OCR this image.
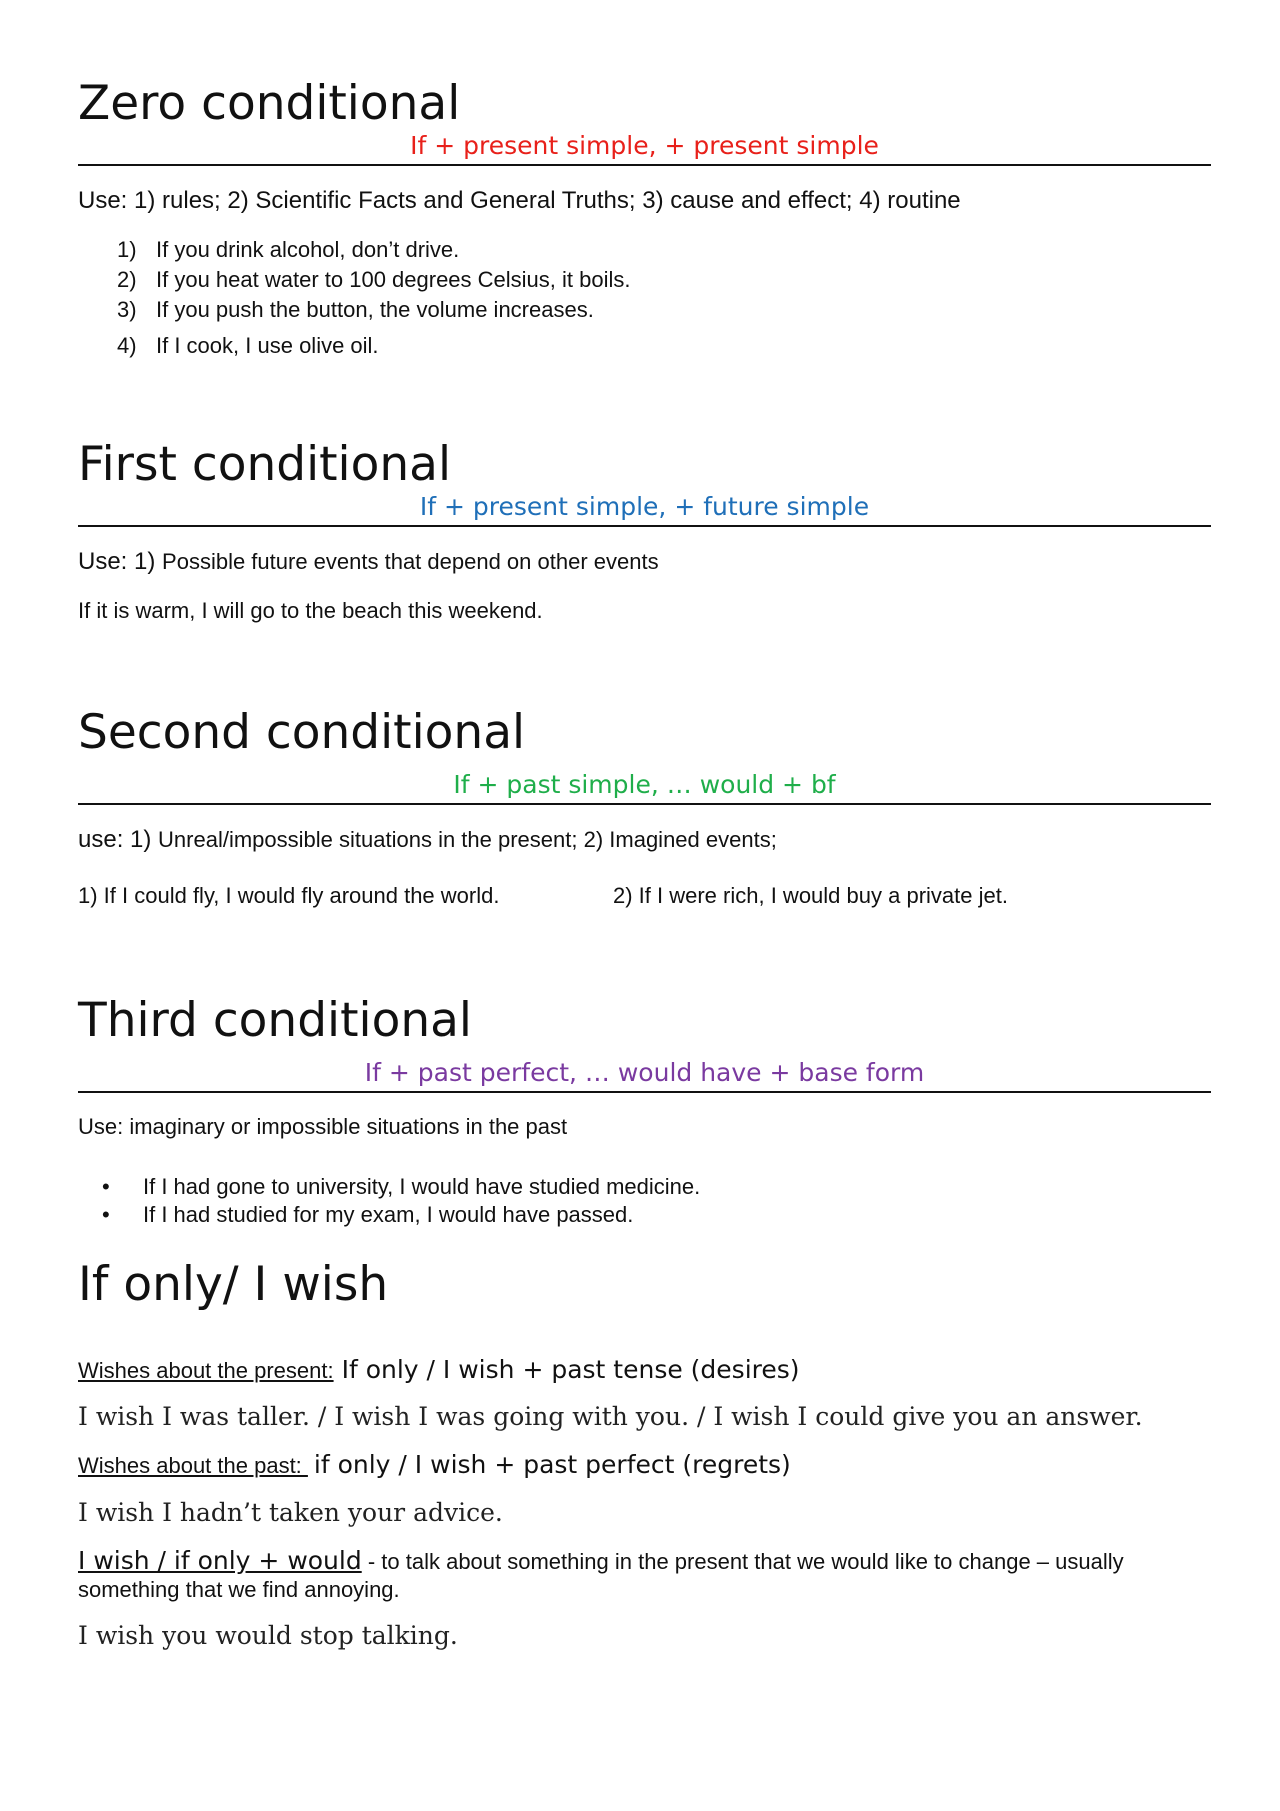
Zero conditional

If + present simple, + present simple

Use: 1) rules; 2) Scientific Facts and General Truths; 3) cause and effect; 4) routine

1) If you drink alcohol, don’t drive.
2) If you heat water to 100 degrees Celsius, it boils.
3) If you push the button, the volume increases.
4) If I cook, I use olive oil.
First conditional

If + present simple, + future simple

Use: 1) Possible future events that depend on other events

If it is warm, I will go to the beach this weekend.

Second conditional

If + past simple, … would + bf

use: 1) Unreal/impossible situations in the present; 2) Imagined events;

1) If I could fly, I would fly around the world.	2) If I were rich, I would buy a private jet.

Third conditional

If + past perfect, … would have + base form

Use: imaginary or impossible situations in the past

• If I had gone to university, I would have studied medicine.
• If I had studied for my exam, I would have passed.
If only/ I wish

Wishes about the present: If only / I wish + past tense (desires)

I wish I was taller. / I wish I was going with you. / I wish I could give you an answer.

Wishes about the past: if only / I wish + past perfect (regrets)

I wish I hadn’t taken your advice.

I wish / if only + would - to talk about something in the present that we would like to change – usually something that we find annoying.

I wish you would stop talking.
